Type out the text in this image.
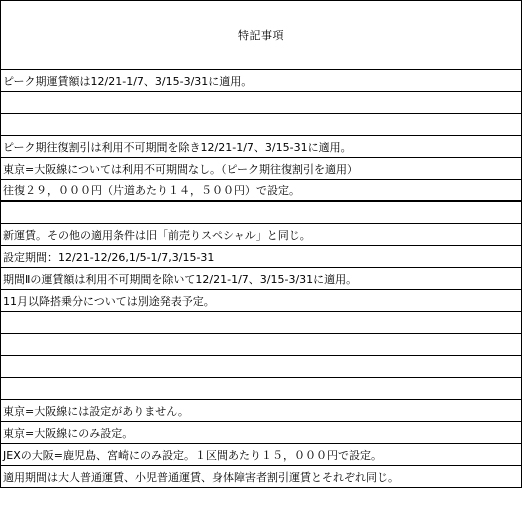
特記事項
ピーク期運賃額は12/21-1/7、3/15-3/31に適用。
ピーク期往復割引は利用不可期間を除き12/21-1/7、3/15-31に適用。
東京=大阪線については利用不可期間なし。（ピーク期往復割引を適用）
往復２９，０００円（片道あたり１４，５００円）で設定。
新運賃。その他の適用条件は旧「前売りスペシャル」と同じ。
設定期間：12/21-12/26,1/5-1/7,3/15-31
期間Ⅱの運賃額は利用不可期間を除いて12/21-1/7、3/15-3/31に適用。
11月以降搭乗分については別途発表予定。
東京=大阪線には設定がありません。
東京=大阪線にのみ設定。
JEXの大阪=鹿児島、宮崎にのみ設定。１区間あたり１５，０００円で設定。
適用期間は大人普通運賃、小児普通運賃、身体障害者割引運賃とそれぞれ同じ。
